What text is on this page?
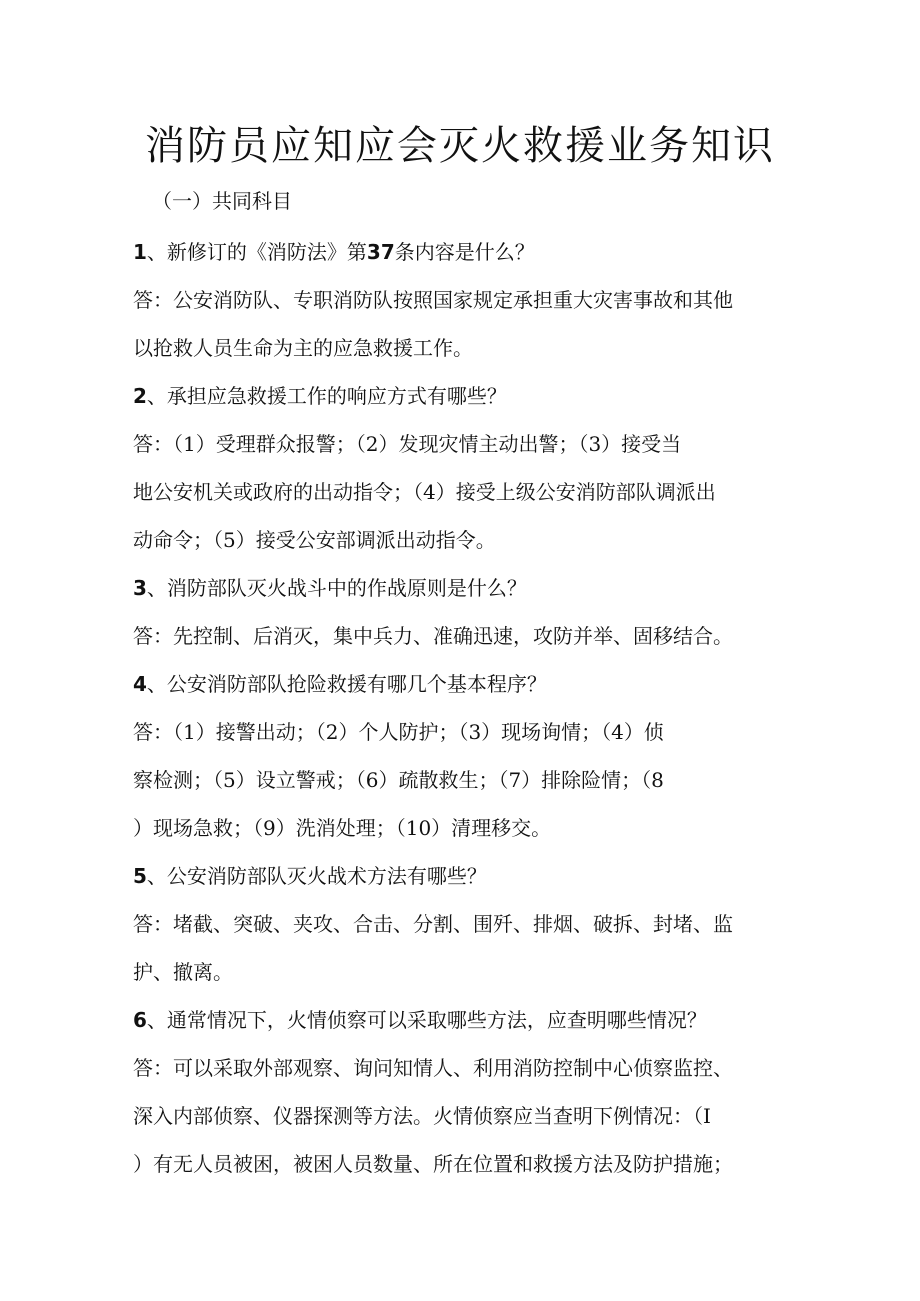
消防员应知应会灭火救援业务知识

（一）共同科目

1、新修订的《消防法》第37条内容是什么？

答：公安消防队、专职消防队按照国家规定承担重大灾害事故和其他
以抢救人员生命为主的应急救援工作。

2、承担应急救援工作的响应方式有哪些？

答：（1）受理群众报警；（2）发现灾情主动出警；（3）接受当
地公安机关或政府的出动指令；（4）接受上级公安消防部队调派出
动命令；（5）接受公安部调派出动指令。

3、消防部队灭火战斗中的作战原则是什么？

答：先控制、后消灭，集中兵力、准确迅速，攻防并举、固移结合。

4、公安消防部队抢险救援有哪几个基本程序？

答：（1）接警出动；（2）个人防护；（3）现场询情；（4）侦
察检测；（5）设立警戒；（6）疏散救生；（7）排除险情；（8
）现场急救；（9）洗消处理；（10）清理移交。

5、公安消防部队灭火战术方法有哪些？

答：堵截、突破、夹攻、合击、分割、围歼、排烟、破拆、封堵、监
护、撤离。

6、通常情况下，火情侦察可以采取哪些方法，应查明哪些情况？

答：可以采取外部观察、询问知情人、利用消防控制中心侦察监控、
深入内部侦察、仪器探测等方法。火情侦察应当查明下例情况：（I
）有无人员被困，被困人员数量、所在位置和救援方法及防护措施；
